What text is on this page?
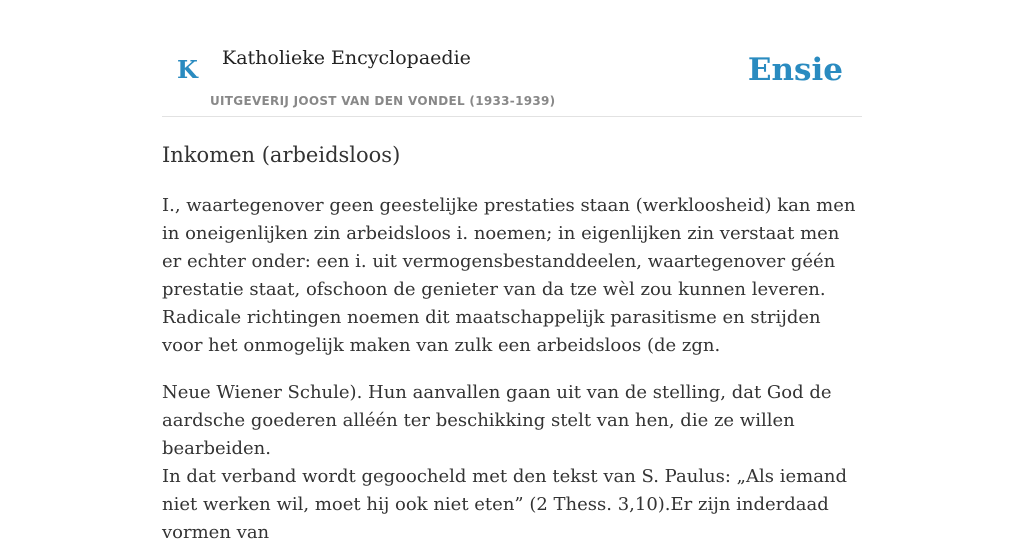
K Katholieke Encyclopaedie
UITGEVERIJ JOOST VAN DEN VONDEL (1933-1939)
Ensie
Inkomen (arbeidsloos)

I., waartegenover geen geestelijke prestaties staan (werkloosheid) kan men in oneigenlijken zin arbeidsloos i. noemen; in eigenlijken zin verstaat men er echter onder: een i. uit vermogensbestanddeelen, waartegenover géén prestatie staat, ofschoon de genieter van da tze wèl zou kunnen leveren. Radicale richtingen noemen dit maatschappelijk parasitisme en strijden voor het onmogelijk maken van zulk een arbeidsloos (de zgn.

Neue Wiener Schule). Hun aanvallen gaan uit van de stelling, dat God de aardsche goederen alléén ter beschikking stelt van hen, die ze willen bearbeiden.

In dat verband wordt gegoocheld met den tekst van S. Paulus: „Als iemand niet werken wil, moet hij ook niet eten” (2 Thess. 3,10).Er zijn inderdaad vormen van
